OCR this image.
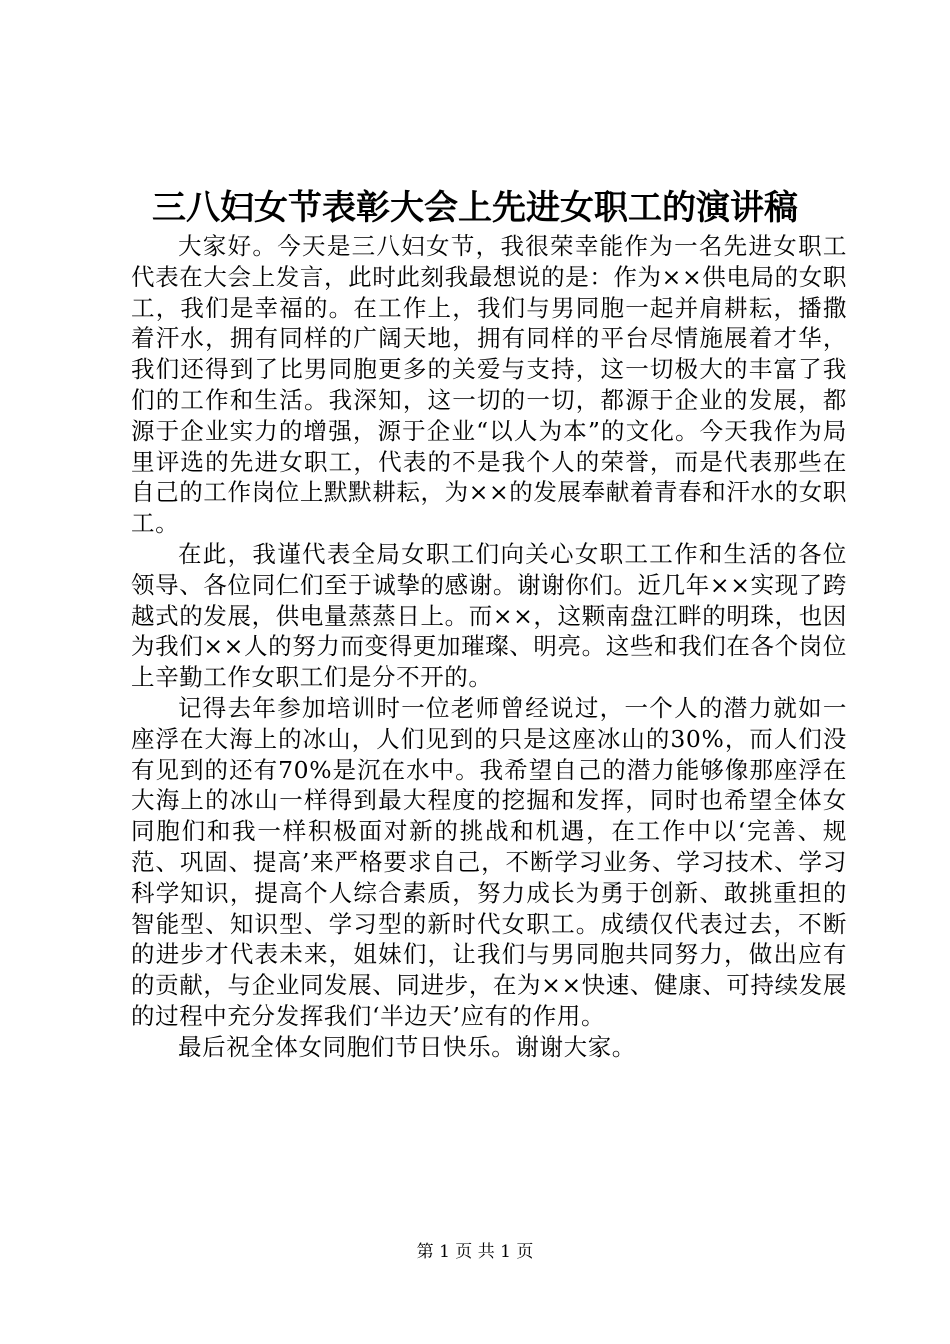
三八妇女节表彰大会上先进女职工的演讲稿

大家好。今天是三八妇女节，我很荣幸能作为一名先进女职工代表在大会上发言，此时此刻我最想说的是：作为××供电局的女职工，我们是幸福的。在工作上，我们与男同胞一起并肩耕耘，播撒着汗水，拥有同样的广阔天地，拥有同样的平台尽情施展着才华，我们还得到了比男同胞更多的关爱与支持，这一切极大的丰富了我们的工作和生活。我深知，这一切的一切，都源于企业的发展，都源于企业实力的增强，源于企业“以人为本”的文化。今天我作为局里评选的先进女职工，代表的不是我个人的荣誉，而是代表那些在自己的工作岗位上默默耕耘，为××的发展奉献着青春和汗水的女职工。

在此，我谨代表全局女职工们向关心女职工工作和生活的各位领导、各位同仁们至于诚挚的感谢。谢谢你们。近几年××实现了跨越式的发展，供电量蒸蒸日上。而××，这颗南盘江畔的明珠，也因为我们××人的努力而变得更加璀璨、明亮。这些和我们在各个岗位上辛勤工作女职工们是分不开的。

记得去年参加培训时一位老师曾经说过，一个人的潜力就如一座浮在大海上的冰山，人们见到的只是这座冰山的30%，而人们没有见到的还有70%是沉在水中。我希望自己的潜力能够像那座浮在大海上的冰山一样得到最大程度的挖掘和发挥，同时也希望全体女同胞们和我一样积极面对新的挑战和机遇，在工作中以‘完善、规范、巩固、提高’来严格要求自己，不断学习业务、学习技术、学习科学知识，提高个人综合素质，努力成长为勇于创新、敢挑重担的智能型、知识型、学习型的新时代女职工。成绩仅代表过去，不断的进步才代表未来，姐妹们，让我们与男同胞共同努力，做出应有的贡献，与企业同发展、同进步，在为××快速、健康、可持续发展的过程中充分发挥我们‘半边天’应有的作用。

最后祝全体女同胞们节日快乐。谢谢大家。

第 1 页 共 1 页
